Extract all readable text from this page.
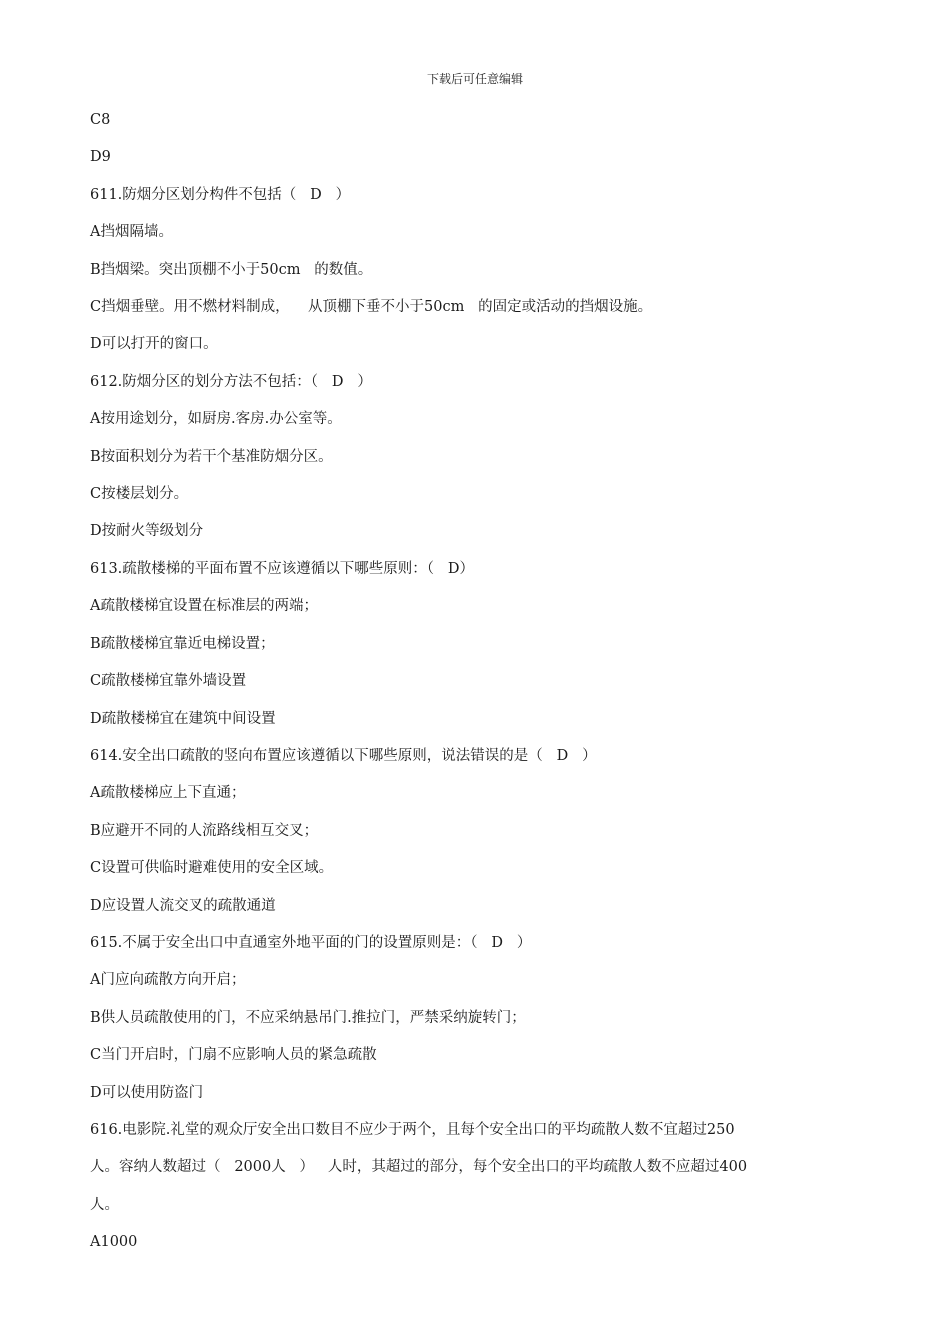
下载后可任意编辑
C8
D9
611.防烟分区划分构件不包括（   D   ）
A挡烟隔墙。
B挡烟梁。突出顶棚不小于50cm   的数值。
C挡烟垂壁。用不燃材料制成，    从顶棚下垂不小于50cm   的固定或活动的挡烟设施。
D可以打开的窗口。
612.防烟分区的划分方法不包括：（   D   ）
A按用途划分，如厨房.客房.办公室等。
B按面积划分为若干个基准防烟分区。
C按楼层划分。
D按耐火等级划分
613.疏散楼梯的平面布置不应该遵循以下哪些原则：（   D）
A疏散楼梯宜设置在标准层的两端；
B疏散楼梯宜靠近电梯设置；
C疏散楼梯宜靠外墙设置
D疏散楼梯宜在建筑中间设置
614.安全出口疏散的竖向布置应该遵循以下哪些原则，说法错误的是（   D   ）
A疏散楼梯应上下直通；
B应避开不同的人流路线相互交叉；
C设置可供临时避难使用的安全区域。
D应设置人流交叉的疏散通道
615.不属于安全出口中直通室外地平面的门的设置原则是：（   D   ）
A门应向疏散方向开启；
B供人员疏散使用的门，不应采纳悬吊门.推拉门，严禁采纳旋转门；
C当门开启时，门扇不应影响人员的紧急疏散
D可以使用防盗门
616.电影院.礼堂的观众厅安全出口数目不应少于两个，且每个安全出口的平均疏散人数不宜超过250
人。容纳人数超过（   2000人   ）   人时，其超过的部分，每个安全出口的平均疏散人数不应超过400
人。
A1000
